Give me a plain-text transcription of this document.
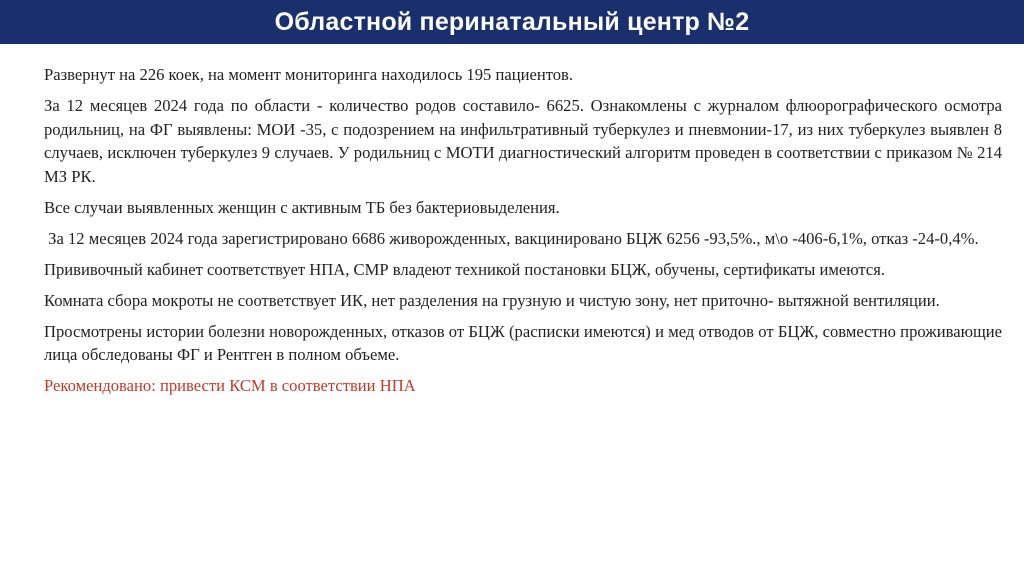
Областной перинатальный центр №2

Развернут на 226 коек, на момент мониторинга находилось 195 пациентов.

За 12 месяцев 2024 года по области - количество родов составило- 6625. Ознакомлены с журналом флюорографического осмотра родильниц, на ФГ выявлены: МОИ -35, с подозрением на инфильтративный туберкулез и пневмонии-17, из них туберкулез выявлен 8 случаев, исключен туберкулез 9 случаев. У родильниц с МОТИ диагностический алгоритм проведен в соответствии с приказом № 214 МЗ РК.

Все случаи выявленных женщин с активным ТБ без бактериовыделения.

За 12 месяцев 2024 года зарегистрировано 6686 живорожденных, вакцинировано БЦЖ 6256 -93,5%., м\о -406-6,1%, отказ -24-0,4%.

Прививочный кабинет соответствует НПА, СМР владеют техникой постановки БЦЖ, обучены, сертификаты имеются.

Комната сбора мокроты не соответствует ИК, нет разделения на грузную и чистую зону, нет приточно- вытяжной вентиляции.

Просмотрены истории болезни новорожденных, отказов от БЦЖ (расписки имеются) и мед отводов от БЦЖ, совместно проживающие лица обследованы ФГ и Рентген в полном объеме.

Рекомендовано: привести КСМ в соответствии НПА
